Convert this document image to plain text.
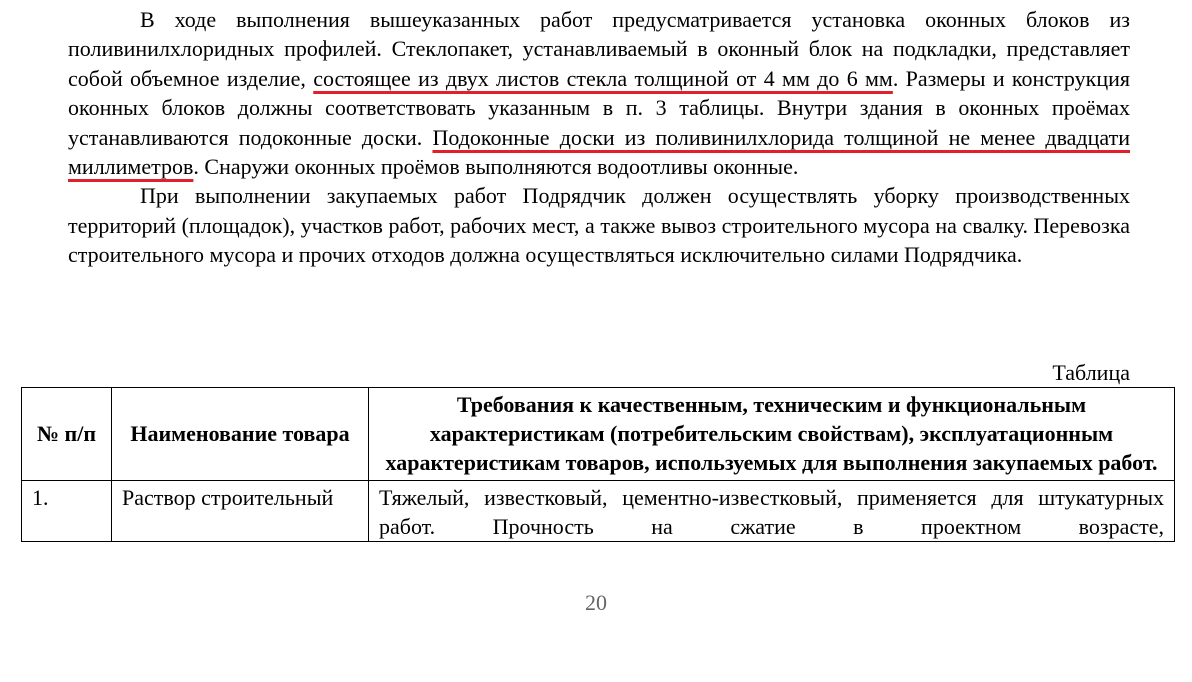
В ходе выполнения вышеуказанных работ предусматривается установка оконных блоков из поливинилхлоридных профилей. Стеклопакет, устанавливаемый в оконный блок на подкладки, представляет собой объемное изделие, состоящее из двух листов стекла толщиной от 4 мм до 6 мм. Размеры и конструкция оконных блоков должны соответствовать указанным в п. 3 таблицы. Внутри здания в оконных проёмах устанавливаются подоконные доски. Подоконные доски из поливинилхлорида толщиной не менее двадцати миллиметров. Снаружи оконных проёмов выполняются водоотливы оконные.

При выполнении закупаемых работ Подрядчик должен осуществлять уборку производственных территорий (площадок), участков работ, рабочих мест, а также вывоз строительного мусора на свалку. Перевозка строительного мусора и прочих отходов должна осуществляться исключительно силами Подрядчика.

Таблица
№ п/п	Наименование товара	Требования к качественным, техническим и функциональным характеристикам (потребительским свойствам), эксплуатационным характеристикам товаров, используемых для выполнения закупаемых работ.
1.	Раствор строительный	Тяжелый, известковый, цементно-известковый, применяется для штукатурных работ. Прочность на сжатие в проектном возрасте,
20
